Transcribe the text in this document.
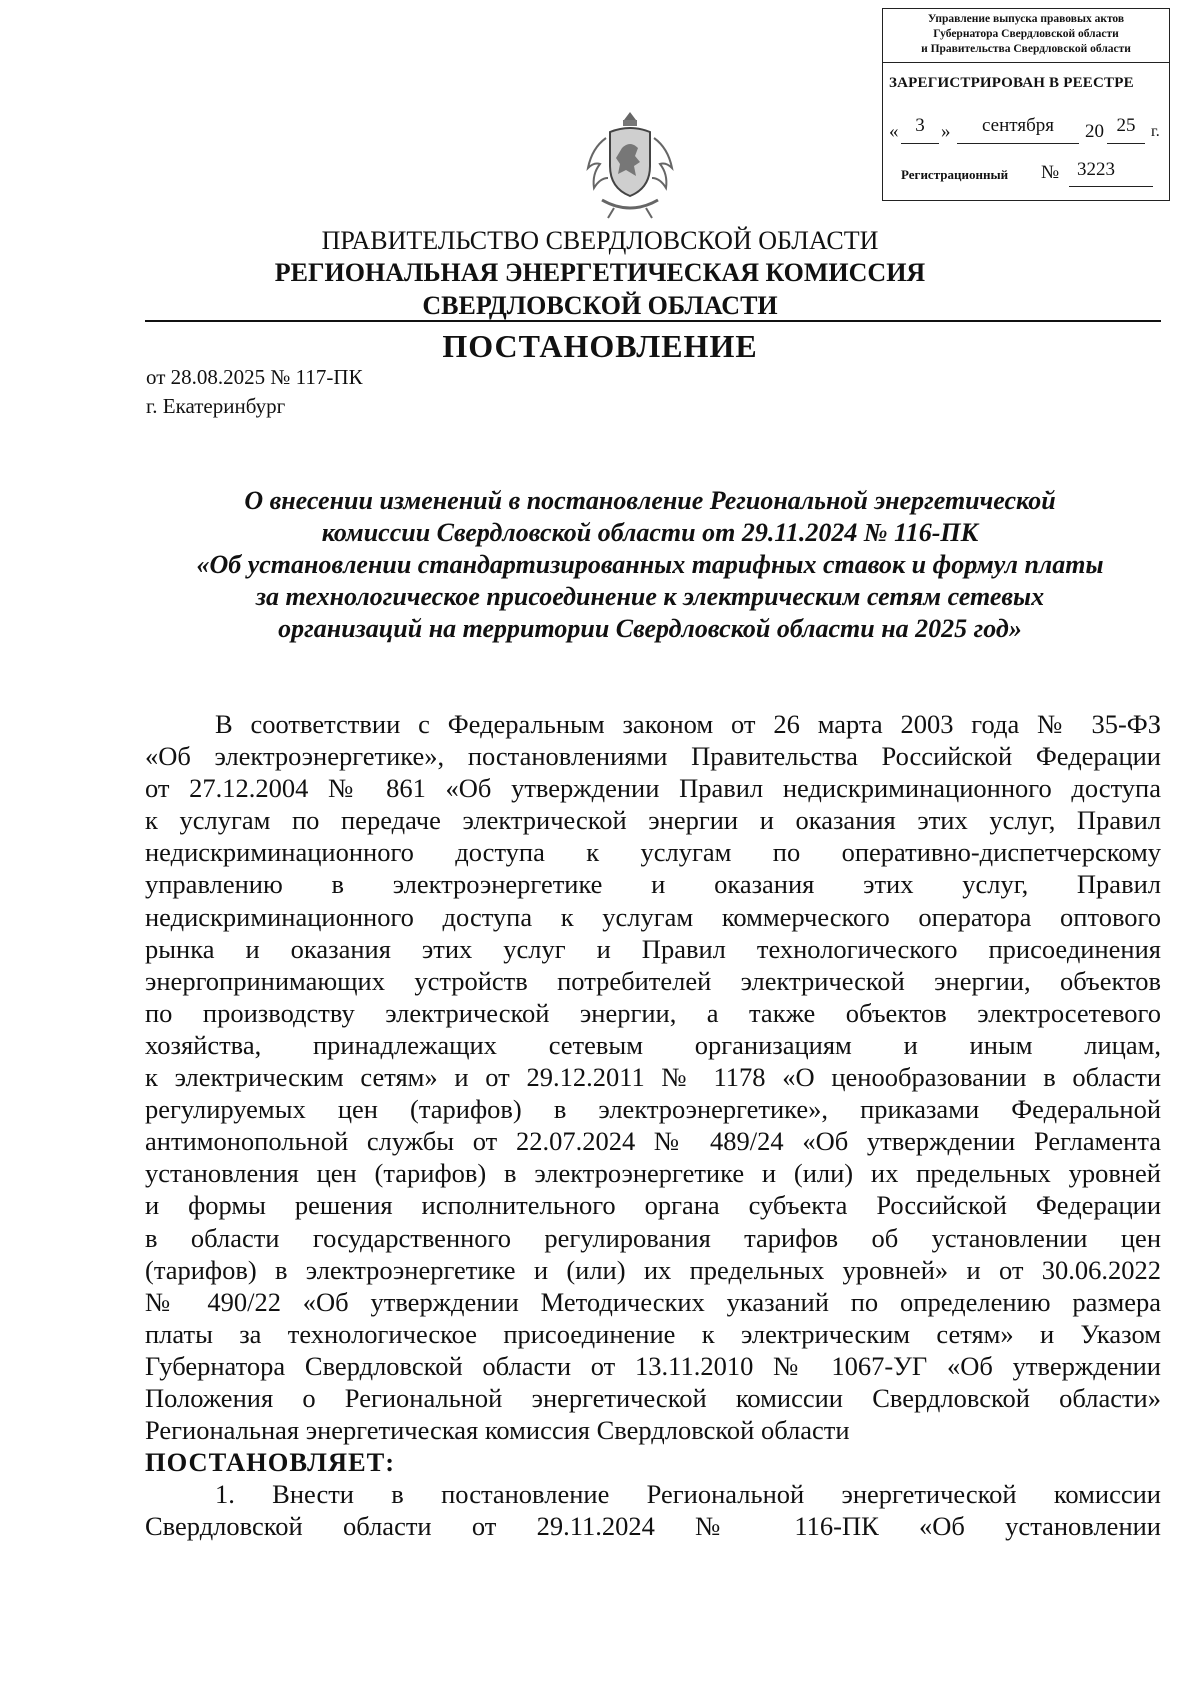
Управление выпуска правовых актов
Губернатора Свердловской области
и Правительства Свердловской области
ЗАРЕГИСТРИРОВАН В РЕЕСТРЕ
« 3 »	сентября	20 25 г.
Регистрационный № 3223
ПРАВИТЕЛЬСТВО СВЕРДЛОВСКОЙ ОБЛАСТИ
РЕГИОНАЛЬНАЯ ЭНЕРГЕТИЧЕСКАЯ КОМИССИЯ
СВЕРДЛОВСКОЙ ОБЛАСТИ
ПОСТАНОВЛЕНИЕ
от 28.08.2025 № 117-ПК
г. Екатеринбург
О внесении изменений в постановление Региональной энергетической
комиссии Свердловской области от 29.11.2024 № 116-ПК
«Об установлении стандартизированных тарифных ставок и формул платы
за технологическое присоединение к электрическим сетям сетевых
организаций на территории Свердловской области на 2025 год»
В соответствии с Федеральным законом от 26 марта 2003 года № 35-ФЗ
«Об электроэнергетике», постановлениями Правительства Российской Федерации
от 27.12.2004 № 861 «Об утверждении Правил недискриминационного доступа
к услугам по передаче электрической энергии и оказания этих услуг, Правил
недискриминационного доступа к услугам по оперативно-диспетчерскому
управлению в электроэнергетике и оказания этих услуг, Правил
недискриминационного доступа к услугам коммерческого оператора оптового
рынка и оказания этих услуг и Правил технологического присоединения
энергопринимающих устройств потребителей электрической энергии, объектов
по производству электрической энергии, а также объектов электросетевого
хозяйства, принадлежащих сетевым организациям и иным лицам,
к электрическим сетям» и от 29.12.2011 № 1178 «О ценообразовании в области
регулируемых цен (тарифов) в электроэнергетике», приказами Федеральной
антимонопольной службы от 22.07.2024 № 489/24 «Об утверждении Регламента
установления цен (тарифов) в электроэнергетике и (или) их предельных уровней
и формы решения исполнительного органа субъекта Российской Федерации
в области государственного регулирования тарифов об установлении цен
(тарифов) в электроэнергетике и (или) их предельных уровней» и от 30.06.2022
№ 490/22 «Об утверждении Методических указаний по определению размера
платы за технологическое присоединение к электрическим сетям» и Указом
Губернатора Свердловской области от 13.11.2010 № 1067-УГ «Об утверждении
Положения о Региональной энергетической комиссии Свердловской области»
Региональная энергетическая комиссия Свердловской области
ПОСТАНОВЛЯЕТ:
1. Внести в постановление Региональной энергетической комиссии
Свердловской области от 29.11.2024 № 116-ПК «Об установлении
